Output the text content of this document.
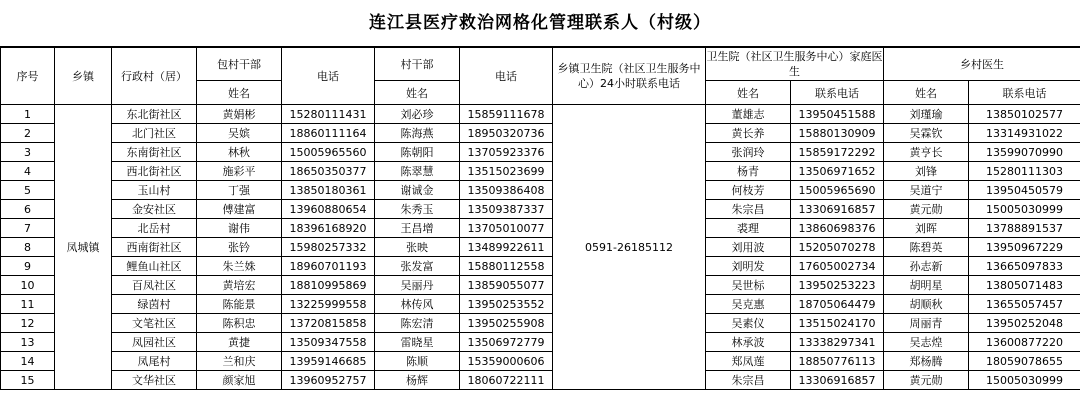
连江县医疗救治网格化管理联系人（村级）
序号	乡镇	行政村（居）	包村干部	电话	村干部	电话	乡镇卫生院（社区卫生服务中心）24小时联系电话	卫生院（社区卫生服务中心）家庭医生		乡村医生	
			姓名		姓名			姓名	联系电话	姓名	联系电话
1	凤城镇	东北街社区	黄娟彬	15280111431	刘必珍	15859111678	0591-26185112	董雄志	13950451588	刘瑾瑜	13850102577
2		北门社区	吴嫔	18860111164	陈海燕	18950320736		黄长养	15880130909	吴霖钦	13314931022
3		东南街社区	林秋	15005965560	陈朝阳	13705923376		张润玲	15859172292	黄亨长	13599070990
4		西北街社区	施彩平	18650350377	陈翠慧	13515023699		杨青	13506971652	刘锋	15280111303
5		玉山村	丁强	13850180361	谢诚金	13509386408		何枝芳	15005965690	吴道宁	13950450579
6		金安社区	傅建富	13960880654	朱秀玉	13509387337		朱宗昌	13306916857	黄元勋	15005030999
7		北岳村	谢伟	18396168920	王昌增	13705010077		裘理	13860698376	刘晖	13788891537
8		西南街社区	张钤	15980257332	张映	13489922611		刘用波	15205070278	陈碧英	13950967229
9		鲤鱼山社区	朱兰姝	18960701193	张发富	15880112558		刘明发	17605002734	孙志新	13665097833
10		百凤社区	黄培宏	18810995869	吴丽丹	13859055077		吴世标	13950253223	胡明星	13805071483
11		绿茵村	陈能景	13225999558	林传风	13950253552		吴克惠	18705064479	胡顺秋	13655057457
12		文笔社区	陈积忠	13720815858	陈宏清	13950255908		吴素仪	13515024170	周丽青	13950252048
13		凤园社区	黄捷	13509347558	雷晓星	13506972779		林承波	13338297341	吴志煌	13600877220
14		凤尾村	兰和庆	13959146685	陈顺	15359000606		郑凤莲	18850776113	郑杨腾	18059078655
15		文华社区	颜家旭	13960952757	杨辉	18060722111		朱宗昌	13306916857	黄元勋	15005030999
